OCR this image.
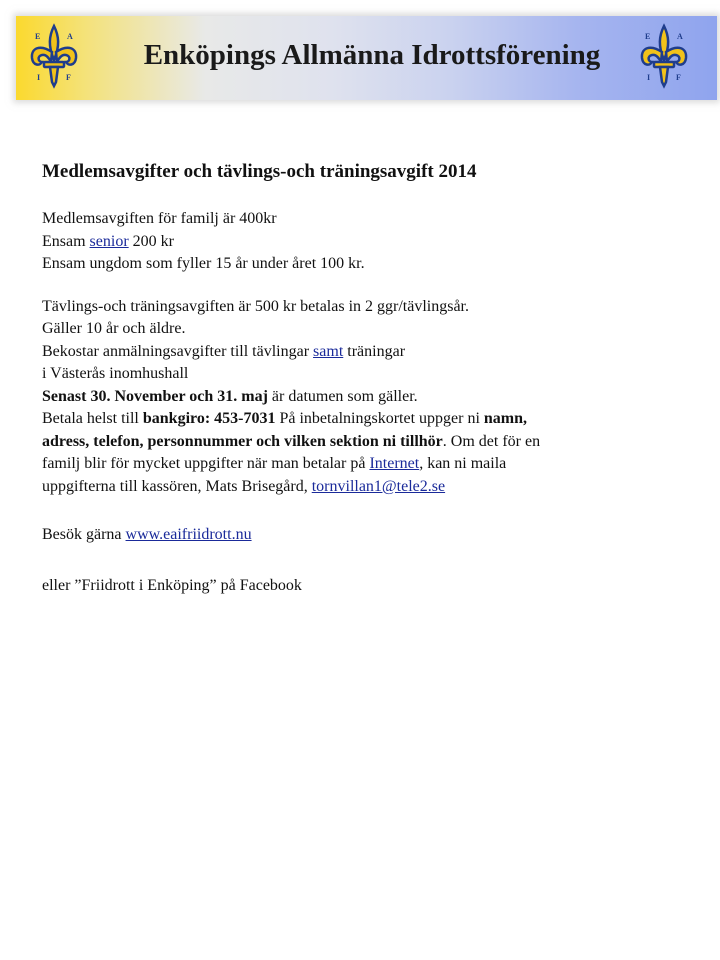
E	A
I	F
Enköpings Allmänna Idrottsförening
E	A
I	F
Medlemsavgifter och tävlings-och träningsavgift 2014
Medlemsavgiften för familj är 400kr
Ensam senior 200 kr
Ensam ungdom som fyller 15 år under året 100 kr.
Tävlings-och träningsavgiften är 500 kr betalas in 2 ggr/tävlingsår.
Gäller 10 år och äldre.
Bekostar anmälningsavgifter till tävlingar samt träningar
i Västerås inomhushall
Senast 30. November och 31. maj är datumen som gäller.
Betala helst till bankgiro: 453-7031 På inbetalningskortet uppger ni namn,
adress, telefon, personnummer och vilken sektion ni tillhör. Om det för en
familj blir för mycket uppgifter när man betalar på Internet, kan ni maila
uppgifterna till kassören, Mats Brisegård, tornvillan1@tele2.se
Besök gärna www.eaifriidrott.nu
eller ”Friidrott i Enköping” på Facebook
